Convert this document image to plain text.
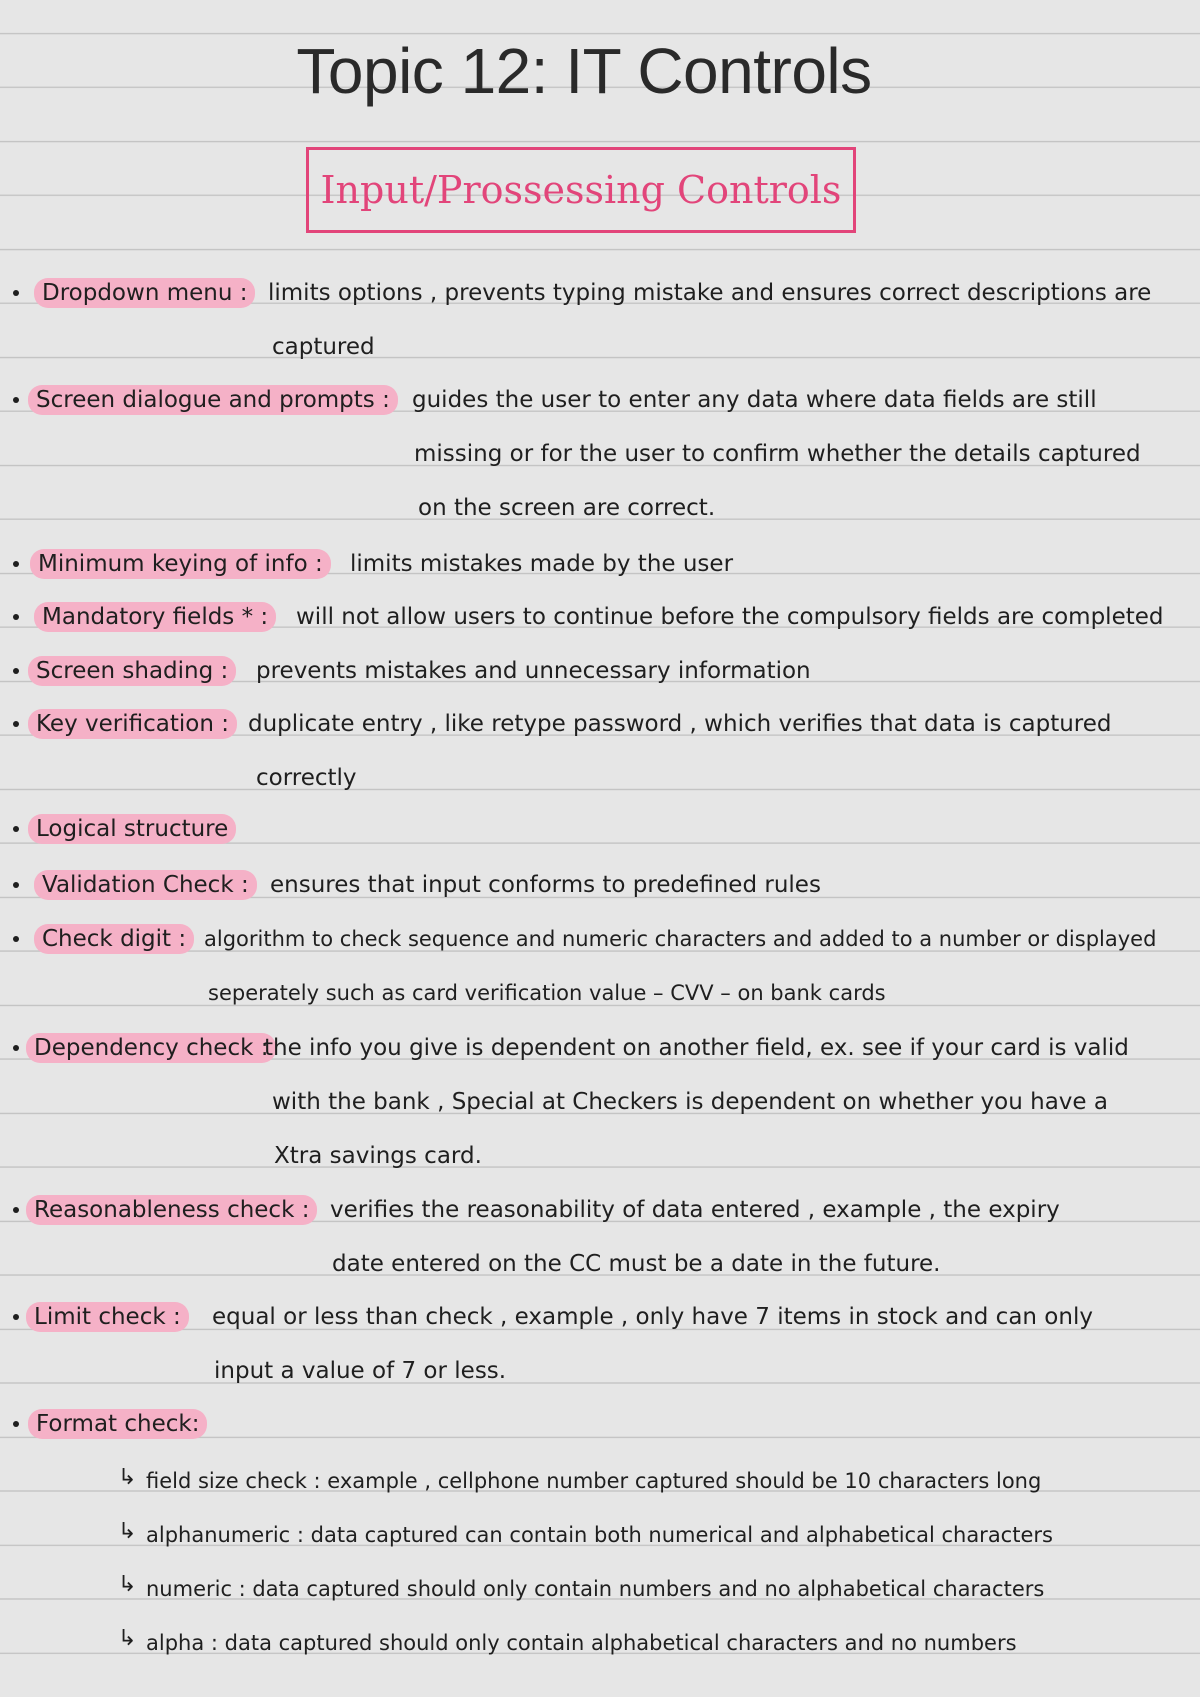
Topic 12: IT Controls
Input/Prossessing Controls
Dropdown menu : limits options , prevents typing mistake and ensures correct descriptions are
captured
Screen dialogue and prompts : guides the user to enter any data where data fields are still
missing or for the user to confirm whether the details captured
on the screen are correct.
Minimum keying of info :	limits mistakes made by the user
Mandatory fields * :	will not allow users to continue before the compulsory fields are completed
Screen shading :	prevents mistakes and unnecessary information
Key verification : duplicate entry , like retype password , which verifies that data is captured
correctly
Logical structure
Validation Check : ensures that input conforms to predefined rules
Check digit : algorithm to check sequence and numeric characters and added to a number or displayed
seperately such as card verification value – CVV – on bank cards
Dependency check :
the info you give is dependent on another field, ex. see if your card is valid
with the bank , Special at Checkers is dependent on whether you have a
Xtra savings card.
Reasonableness check : verifies the reasonability of data entered , example , the expiry
date entered on the CC must be a date in the future.
Limit check :	equal or less than check , example , only have 7 items in stock and can only
input a value of 7 or less.
Format check:
↳ field size check : example , cellphone number captured should be 10 characters long
↳ alphanumeric : data captured can contain both numerical and alphabetical characters
↳ numeric : data captured should only contain numbers and no alphabetical characters
↳ alpha : data captured should only contain alphabetical characters and no numbers
